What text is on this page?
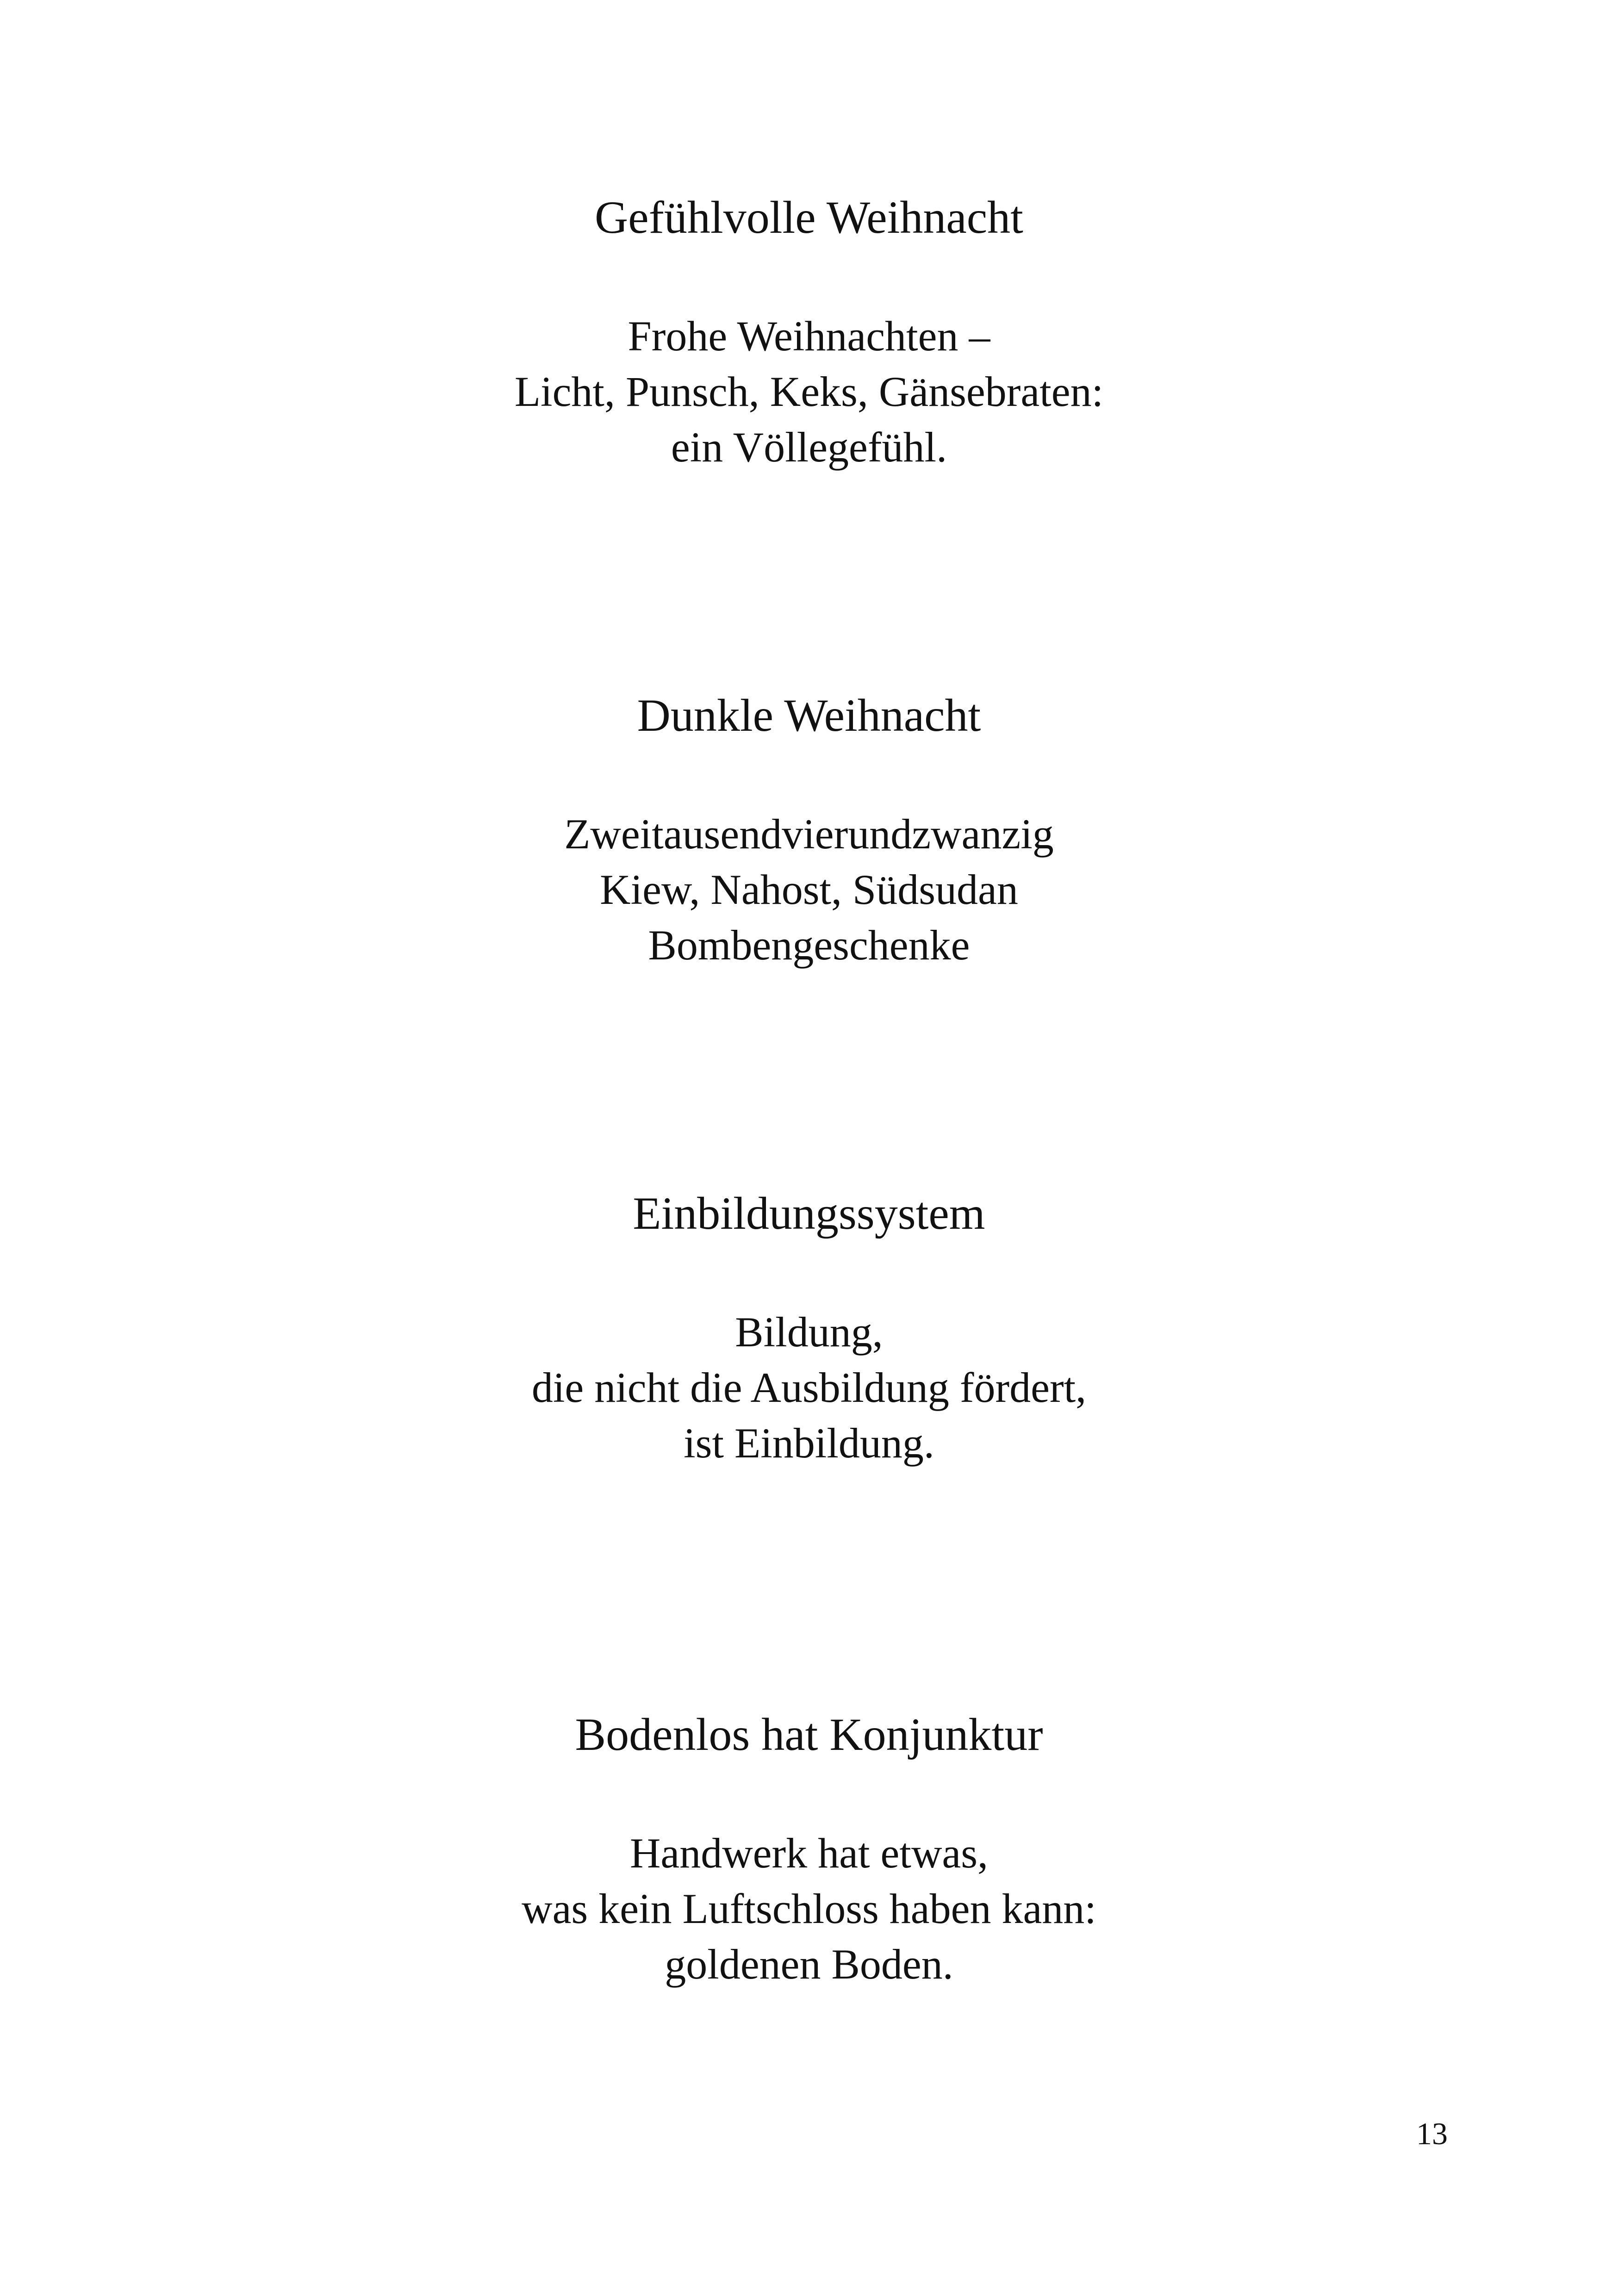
Gefühlvolle Weihnacht

Frohe Weihnachten –

Licht, Punsch, Keks, Gänsebraten:

ein Völlegefühl.

Dunkle Weihnacht

Zweitausendvierundzwanzig

Kiew, Nahost, Südsudan

Bombengeschenke

Einbildungssystem

Bildung,

die nicht die Ausbildung fördert,

ist Einbildung.

Bodenlos hat Konjunktur

Handwerk hat etwas,

was kein Luftschloss haben kann:

goldenen Boden.

13
